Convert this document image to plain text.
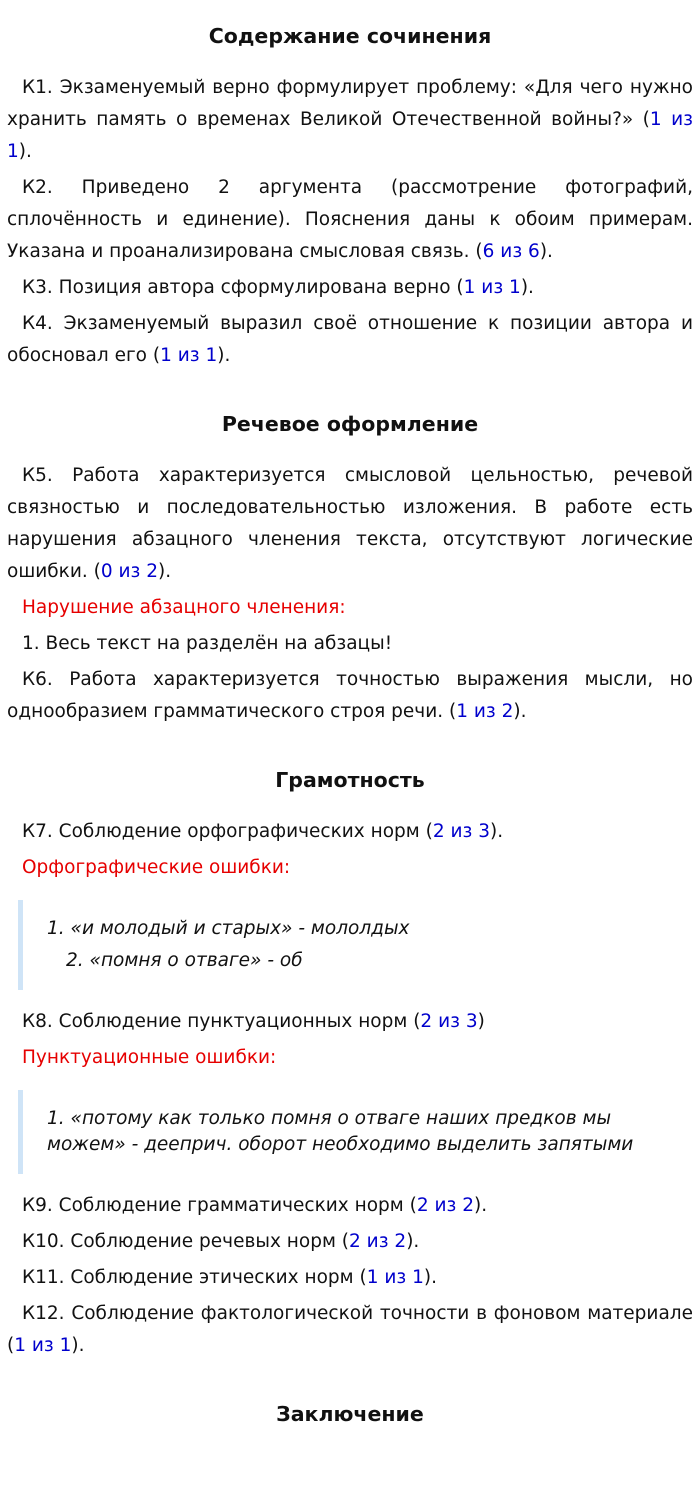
Содержание сочинения

К1. Экзаменуемый верно формулирует проблему: «Для чего нужно хранить память о временах Великой Отечественной войны?» (1 из 1).

К2. Приведено 2 аргумента (рассмотрение фотографий, сплочённость и единение). Пояснения даны к обоим примерам. Указана и проанализирована смысловая связь. (6 из 6).

К3. Позиция автора сформулирована верно (1 из 1).

К4. Экзаменуемый выразил своё отношение к позиции автора и обосновал его (1 из 1).

Речевое оформление

К5. Работа характеризуется смысловой цельностью, речевой связностью и последовательностью изложения. В работе есть нарушения абзацного членения текста, отсутствуют логические ошибки. (0 из 2).

Нарушение абзацного членения:

1. Весь текст на разделён на абзацы!

К6. Работа характеризуется точностью выражения мысли, но однообразием грамматического строя речи. (1 из 2).

Грамотность

К7. Соблюдение орфографических норм (2 из 3).

Орфографические ошибки:

1. «и молодый и старых» - мололдых
2. «помня о отваге» - об

К8. Соблюдение пунктуационных норм (2 из 3)

Пунктуационные ошибки:

1. «потому как только помня о отваге наших предков мы можем» - дееприч. оборот необходимо выделить запятыми

К9. Соблюдение грамматических норм (2 из 2).

К10. Соблюдение речевых норм (2 из 2).

К11. Соблюдение этических норм (1 из 1).

К12. Соблюдение фактологической точности в фоновом материале (1 из 1).

Заключение
